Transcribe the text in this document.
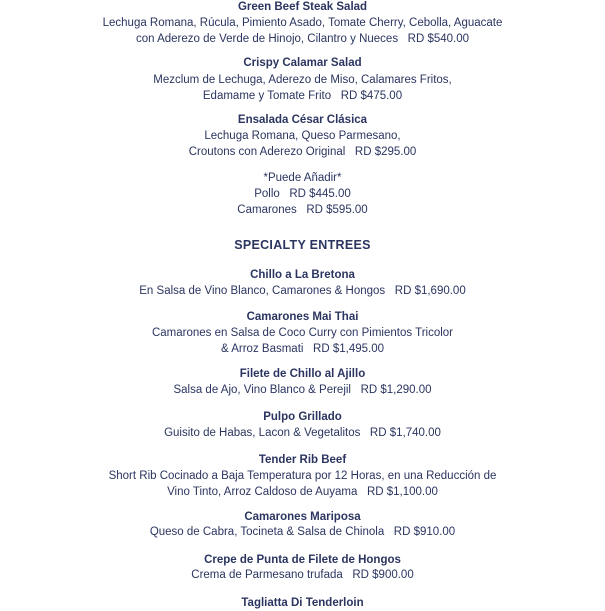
Green Beef Steak Salad
Lechuga Romana, Rúcula, Pimiento Asado, Tomate Cherry, Cebolla, Aguacate
con Aderezo de Verde de Hinojo, Cilantro y Nueces   RD $540.00
Crispy Calamar Salad
Mezclum de Lechuga, Aderezo de Miso, Calamares Fritos,
Edamame y Tomate Frito   RD $475.00
Ensalada César Clásica
Lechuga Romana, Queso Parmesano,
Croutons con Aderezo Original   RD $295.00
*Puede Añadir*
Pollo   RD $445.00
Camarones   RD $595.00
SPECIALTY ENTREES
Chillo a La Bretona
En Salsa de Vino Blanco, Camarones & Hongos   RD $1,690.00
Camarones Mai Thai
Camarones en Salsa de Coco Curry con Pimientos Tricolor
& Arroz Basmati   RD $1,495.00
Filete de Chillo al Ajillo
Salsa de Ajo, Vino Blanco & Perejil   RD $1,290.00
Pulpo Grillado
Guisito de Habas, Lacon & Vegetalitos   RD $1,740.00
Tender Rib Beef
Short Rib Cocinado a Baja Temperatura por 12 Horas, en una Reducción de
Vino Tinto, Arroz Caldoso de Auyama   RD $1,100.00
Camarones Mariposa
Queso de Cabra, Tocineta & Salsa de Chinola   RD $910.00
Crepe de Punta de Filete de Hongos
Crema de Parmesano trufada   RD $900.00
Tagliatta Di Tenderloin
